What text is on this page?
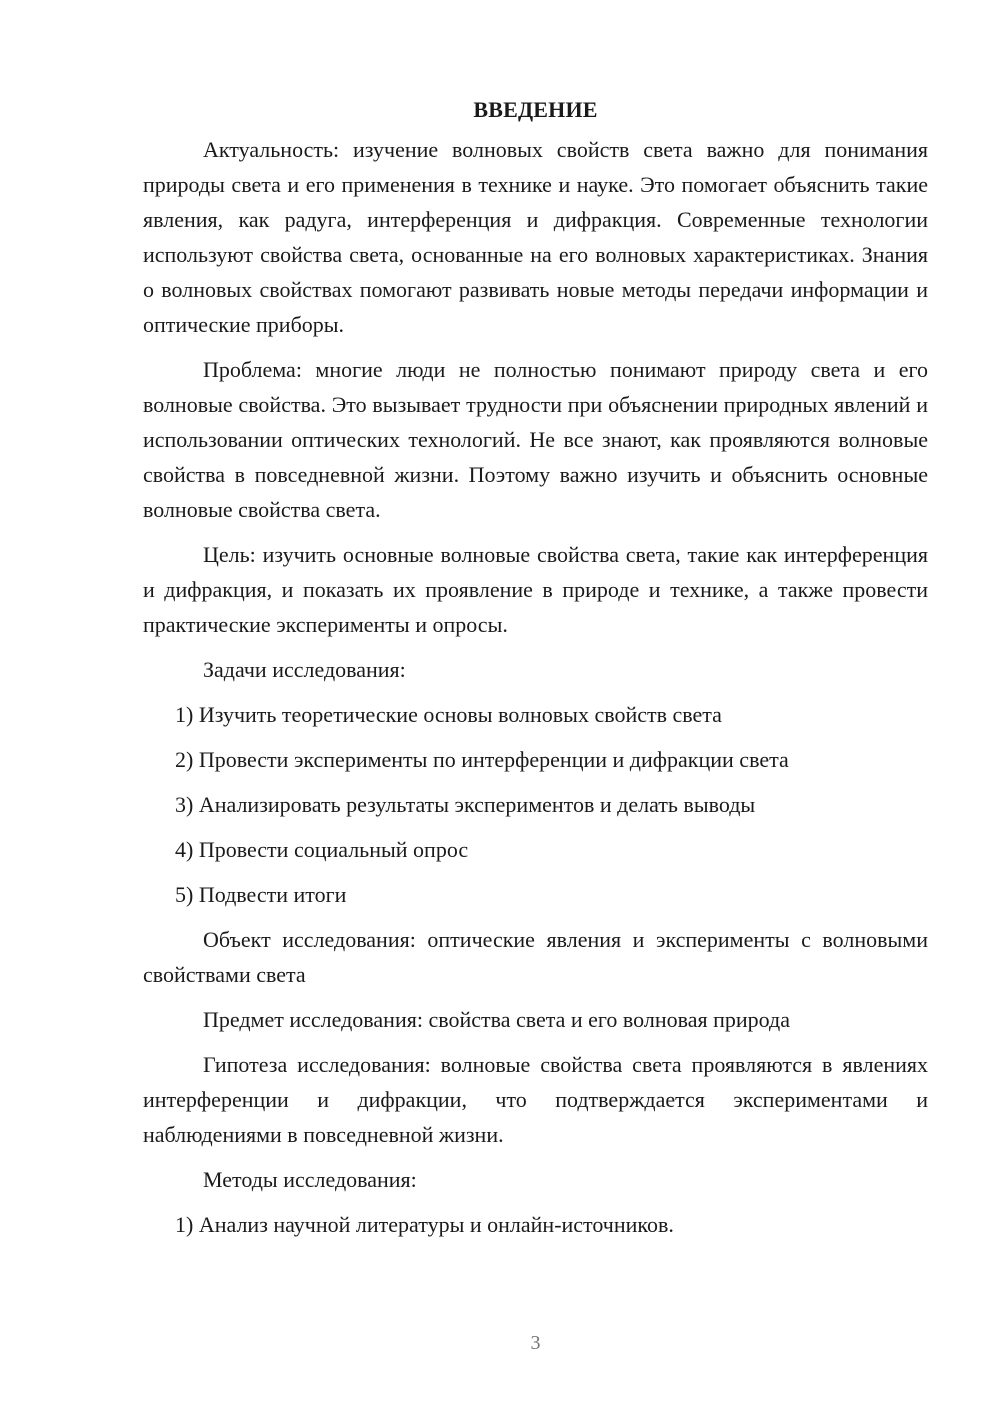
ВВЕДЕНИЕ

Актуальность: изучение волновых свойств света важно для понимания природы света и его применения в технике и науке. Это помогает объяснить такие явления, как радуга, интерференция и дифракция. Современные технологии используют свойства света, основанные на его волновых характеристиках. Знания о волновых свойствах помогают развивать новые методы передачи информации и оптические приборы.

Проблема: многие люди не полностью понимают природу света и его волновые свойства. Это вызывает трудности при объяснении природных явлений и использовании оптических технологий. Не все знают, как проявляются волновые свойства в повседневной жизни. Поэтому важно изучить и объяснить основные волновые свойства света.

Цель: изучить основные волновые свойства света, такие как интерференция и дифракция, и показать их проявление в природе и технике, а также провести практические эксперименты и опросы.

Задачи исследования:
1) Изучить теоретические основы волновых свойств света
2) Провести эксперименты по интерференции и дифракции света
3) Анализировать результаты экспериментов и делать выводы
4) Провести социальный опрос
5) Подвести итоги

Объект исследования: оптические явления и эксперименты с волновыми свойствами света

Предмет исследования: свойства света и его волновая природа

Гипотеза исследования: волновые свойства света проявляются в явлениях интерференции и дифракции, что подтверждается экспериментами и наблюдениями в повседневной жизни.

Методы исследования:
1) Анализ научной литературы и онлайн-источников.
3
